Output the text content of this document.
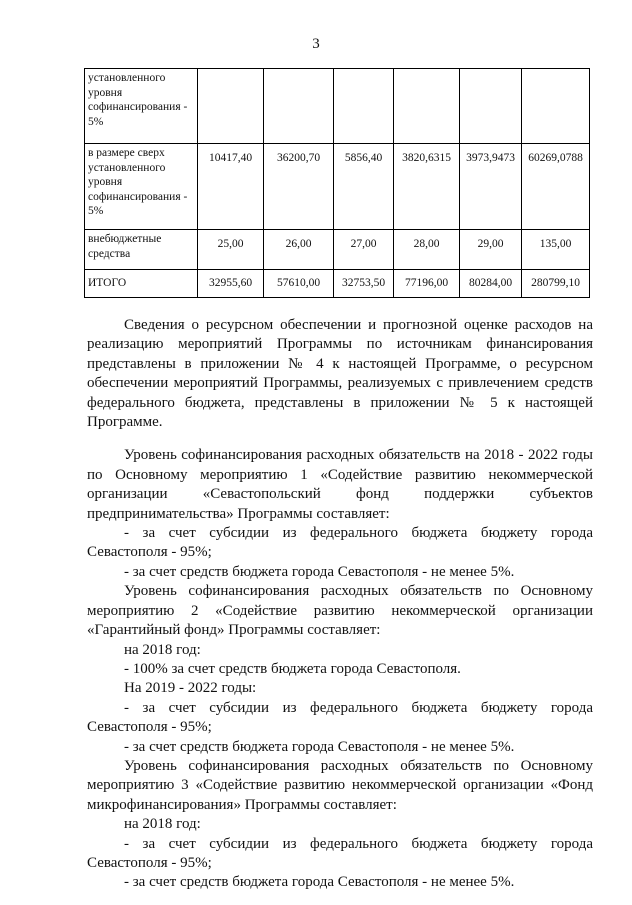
3
установленного уровня софинансирования - 5%						
в размере сверх установленного уровня софинансирования - 5%	10417,40	36200,70	5856,40	3820,6315	3973,9473	60269,0788
внебюджетные средства	25,00	26,00	27,00	28,00	29,00	135,00
ИТОГО	32955,60	57610,00	32753,50	77196,00	80284,00	280799,10

Сведения о ресурсном обеспечении и прогнозной оценке расходов на реализацию мероприятий Программы по источникам финансирования представлены в приложении № 4 к настоящей Программе, о ресурсном обеспечении мероприятий Программы, реализуемых с привлечением средств федерального бюджета, представлены в приложении № 5 к настоящей Программе.

Уровень софинансирования расходных обязательств на 2018 - 2022 годы по Основному мероприятию 1 «Содействие развитию некоммерческой организации «Севастопольский фонд поддержки субъектов предпринимательства» Программы составляет:

- за счет субсидии из федерального бюджета бюджету города Севастополя - 95%;

- за счет средств бюджета города Севастополя - не менее 5%.

Уровень софинансирования расходных обязательств по Основному мероприятию 2 «Содействие развитию некоммерческой организации «Гарантийный фонд» Программы составляет:

на 2018 год:

- 100% за счет средств бюджета города Севастополя.

На 2019 - 2022 годы:

- за счет субсидии из федерального бюджета бюджету города Севастополя - 95%;

- за счет средств бюджета города Севастополя - не менее 5%.

Уровень софинансирования расходных обязательств по Основному мероприятию 3 «Содействие развитию некоммерческой организации «Фонд микрофинансирования» Программы составляет:

на 2018 год:

- за счет субсидии из федерального бюджета бюджету города Севастополя - 95%;

- за счет средств бюджета города Севастополя - не менее 5%.
